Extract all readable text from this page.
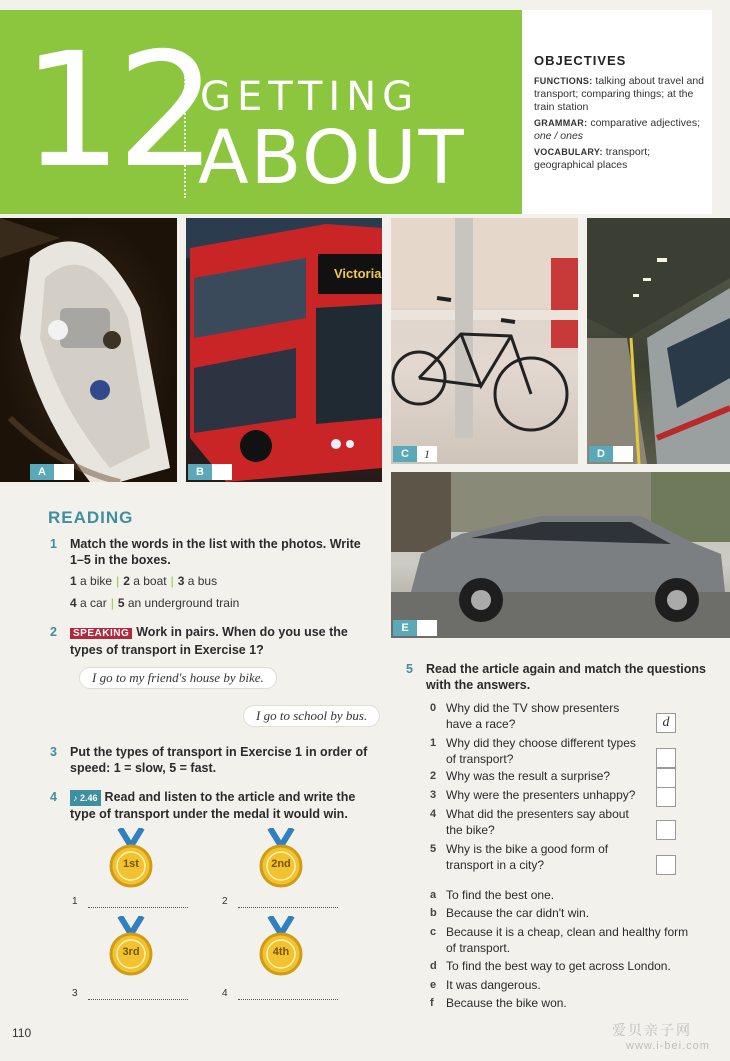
12
GETTING
ABOUT
OBJECTIVES

FUNCTIONS: talking about travel and transport; comparing things; at the train station

GRAMMAR: comparative adjectives; one / ones

VOCABULARY: transport; geographical places

A
Victoria
B
C	1	D
E
READING
1 Match the words in the list with the photos. Write 1–5 in the boxes.
1 a bike | 2 a boat | 3 a bus
4 a car | 5 an underground train
2 SPEAKING Work in pairs. When do you use the types of transport in Exercise 1?
I go to my friend's house by bike.
I go to school by bus.
3 Put the types of transport in Exercise 1 in order of speed: 1 = slow, 5 = fast.
4 ♪ 2.46 Read and listen to the article and write the type of transport under the medal it would win.
1st	2nd
3rd	4th
1	2
3	4
110
5 Read the article again and match the questions with the answers.
0 Why did the TV show presenters have a race?	d
1 Why did they choose different types of transport?
2 Why was the result a surprise?
3 Why were the presenters unhappy?
4 What did the presenters say about the bike?
5 Why is the bike a good form of transport in a city?
a To find the best one.
b Because the car didn't win.
c Because it is a cheap, clean and healthy form of transport.
d To find the best way to get across London.
e It was dangerous.
f Because the bike won.
爱贝亲子网
www.i-bei.com
